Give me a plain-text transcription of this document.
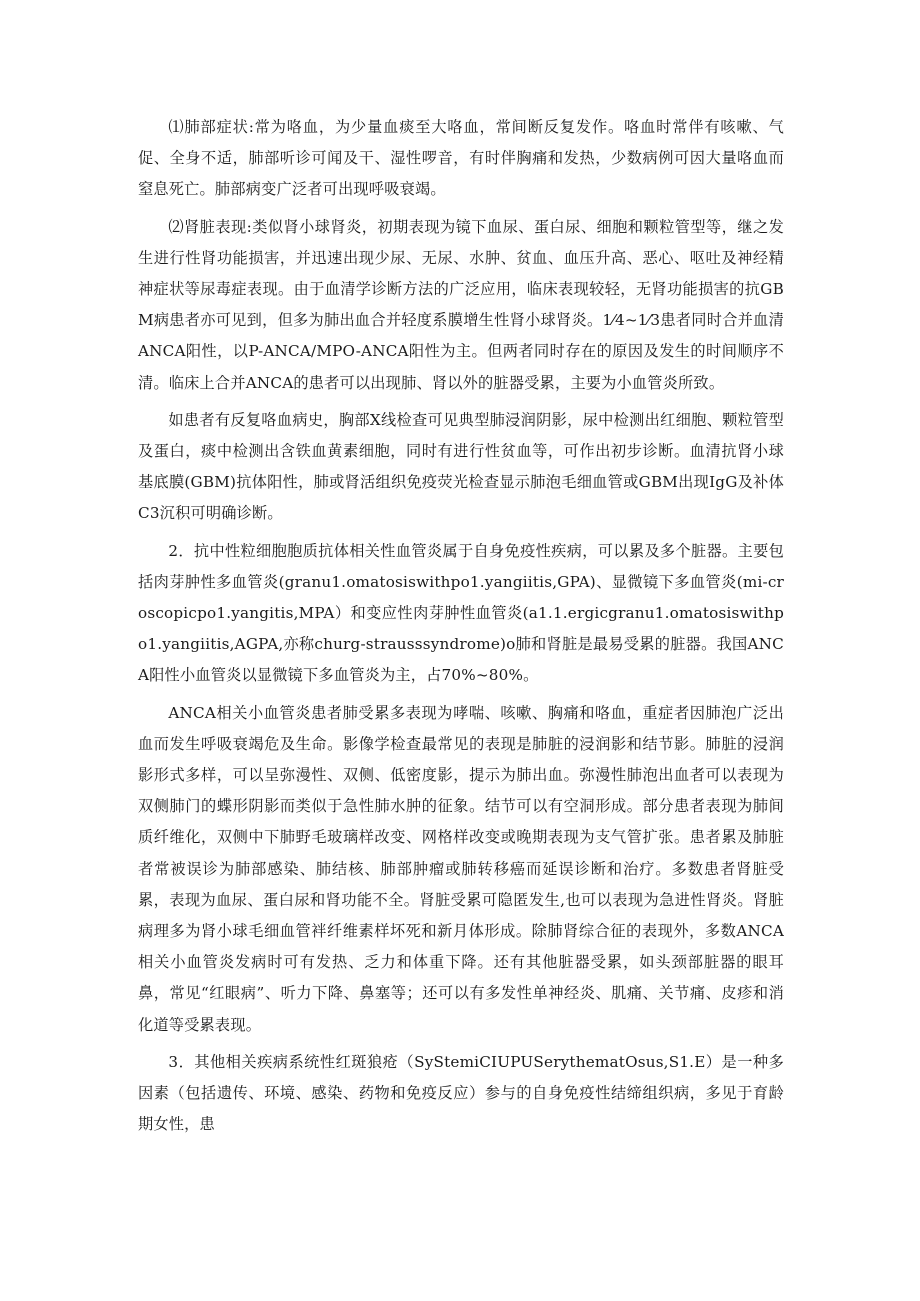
⑴肺部症状:常为咯血，为少量血痰至大咯血，常间断反复发作。咯血时常伴有咳嗽、气促、全身不适，肺部听诊可闻及干、湿性啰音，有时伴胸痛和发热，少数病例可因大量咯血而窒息死亡。肺部病变广泛者可出现呼吸衰竭。

⑵肾脏表现:类似肾小球肾炎，初期表现为镜下血尿、蛋白尿、细胞和颗粒管型等，继之发生进行性肾功能损害，并迅速出现少尿、无尿、水肿、贫血、血压升高、恶心、呕吐及神经精神症状等尿毒症表现。由于血清学诊断方法的广泛应用，临床表现较轻，无肾功能损害的抗GBM病患者亦可见到，但多为肺出血合并轻度系膜增生性肾小球肾炎。1⁄4~1⁄3患者同时合并血清ANCA阳性，以P-ANCA/MPO-ANCA阳性为主。但两者同时存在的原因及发生的时间顺序不清。临床上合并ANCA的患者可以出现肺、肾以外的脏器受累，主要为小血管炎所致。

如患者有反复咯血病史，胸部X线检查可见典型肺浸润阴影，尿中检测出红细胞、颗粒管型及蛋白，痰中检测出含铁血黄素细胞，同时有进行性贫血等，可作出初步诊断。血清抗肾小球基底膜(GBM)抗体阳性，肺或肾活组织免疫荧光检查显示肺泡毛细血管或GBM出现IgG及补体C3沉积可明确诊断。

2．抗中性粒细胞胞质抗体相关性血管炎属于自身免疫性疾病，可以累及多个脏器。主要包括肉芽肿性多血管炎(granu1.omatosiswithpo1.yangiitis,GPA)、显微镜下多血管炎(mi-croscopicpo1.yangitis,MPA）和变应性肉芽肿性血管炎(a1.1.ergicgranu1.omatosiswithpo1.yangiitis,AGPA,亦称churg-strausssyndrome)o肺和肾脏是最易受累的脏器。我国ANCA阳性小血管炎以显微镜下多血管炎为主，占70%~80%。

ANCA相关小血管炎患者肺受累多表现为哮喘、咳嗽、胸痛和咯血，重症者因肺泡广泛出血而发生呼吸衰竭危及生命。影像学检查最常见的表现是肺脏的浸润影和结节影。肺脏的浸润影形式多样，可以呈弥漫性、双侧、低密度影，提示为肺出血。弥漫性肺泡出血者可以表现为双侧肺门的蝶形阴影而类似于急性肺水肿的征象。结节可以有空洞形成。部分患者表现为肺间质纤维化，双侧中下肺野毛玻璃样改变、网格样改变或晚期表现为支气管扩张。患者累及肺脏者常被误诊为肺部感染、肺结核、肺部肿瘤或肺转移癌而延误诊断和治疗。多数患者肾脏受累，表现为血尿、蛋白尿和肾功能不全。肾脏受累可隐匿发生,也可以表现为急进性肾炎。肾脏病理多为肾小球毛细血管袢纤维素样坏死和新月体形成。除肺肾综合征的表现外，多数ANCA相关小血管炎发病时可有发热、乏力和体重下降。还有其他脏器受累，如头颈部脏器的眼耳鼻，常见“红眼病”、听力下降、鼻塞等；还可以有多发性单神经炎、肌痛、关节痛、皮疹和消化道等受累表现。

3．其他相关疾病系统性红斑狼疮（SyStemiCIUPUSerythematOsus,S1.E）是一种多因素（包括遗传、环境、感染、药物和免疫反应）参与的自身免疫性结缔组织病，多见于育龄期女性，患
